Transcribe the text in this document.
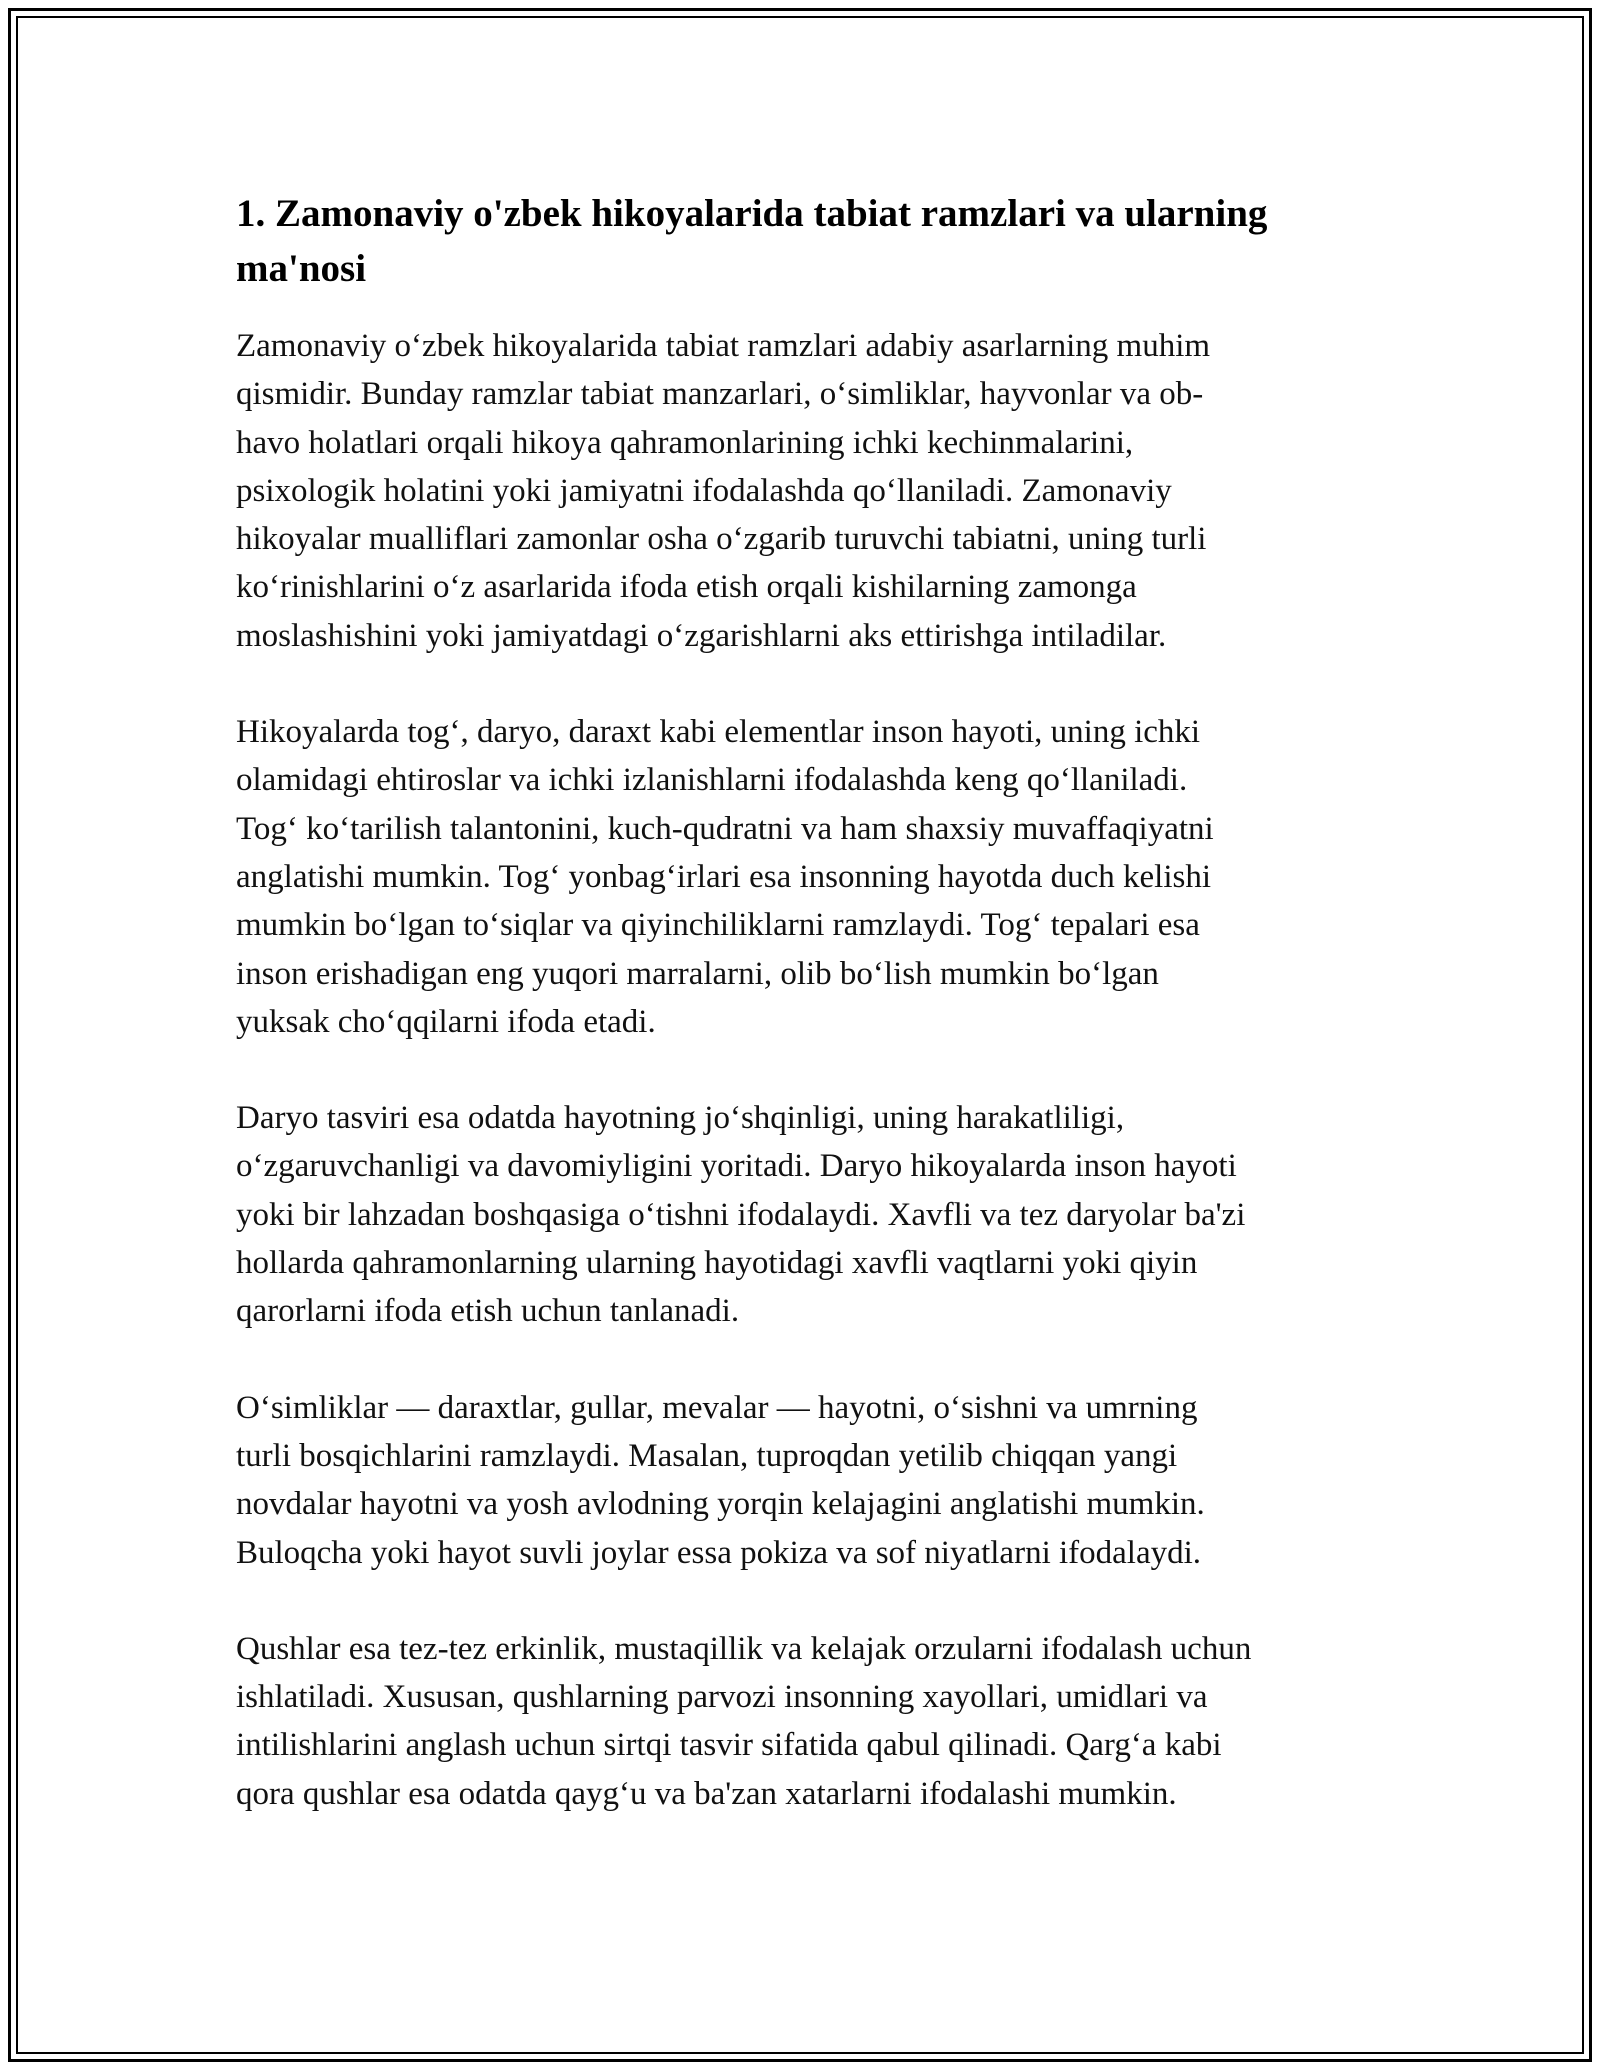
1. Zamonaviy o'zbek hikoyalarida tabiat ramzlari va ularning
ma'nosi

Zamonaviy o‘zbek hikoyalarida tabiat ramzlari adabiy asarlarning muhim
qismidir. Bunday ramzlar tabiat manzarlari, o‘simliklar, hayvonlar va ob-
havo holatlari orqali hikoya qahramonlarining ichki kechinmalarini,
psixologik holatini yoki jamiyatni ifodalashda qo‘llaniladi. Zamonaviy
hikoyalar mualliflari zamonlar osha o‘zgarib turuvchi tabiatni, uning turli
ko‘rinishlarini o‘z asarlarida ifoda etish orqali kishilarning zamonga
moslashishini yoki jamiyatdagi o‘zgarishlarni aks ettirishga intiladilar.

Hikoyalarda tog‘, daryo, daraxt kabi elementlar inson hayoti, uning ichki
olamidagi ehtiroslar va ichki izlanishlarni ifodalashda keng qo‘llaniladi.
Tog‘ ko‘tarilish talantonini, kuch-qudratni va ham shaxsiy muvaffaqiyatni
anglatishi mumkin. Tog‘ yonbag‘irlari esa insonning hayotda duch kelishi
mumkin bo‘lgan to‘siqlar va qiyinchiliklarni ramzlaydi. Tog‘ tepalari esa
inson erishadigan eng yuqori marralarni, olib bo‘lish mumkin bo‘lgan
yuksak cho‘qqilarni ifoda etadi.

Daryo tasviri esa odatda hayotning jo‘shqinligi, uning harakatliligi,
o‘zgaruvchanligi va davomiyligini yoritadi. Daryo hikoyalarda inson hayoti
yoki bir lahzadan boshqasiga o‘tishni ifodalaydi. Xavfli va tez daryolar ba'zi
hollarda qahramonlarning ularning hayotidagi xavfli vaqtlarni yoki qiyin
qarorlarni ifoda etish uchun tanlanadi.

O‘simliklar — daraxtlar, gullar, mevalar — hayotni, o‘sishni va umrning
turli bosqichlarini ramzlaydi. Masalan, tuproqdan yetilib chiqqan yangi
novdalar hayotni va yosh avlodning yorqin kelajagini anglatishi mumkin.
Buloqcha yoki hayot suvli joylar essa pokiza va sof niyatlarni ifodalaydi.

Qushlar esa tez-tez erkinlik, mustaqillik va kelajak orzularni ifodalash uchun
ishlatiladi. Xususan, qushlarning parvozi insonning xayollari, umidlari va
intilishlarini anglash uchun sirtqi tasvir sifatida qabul qilinadi. Qarg‘a kabi
qora qushlar esa odatda qayg‘u va ba'zan xatarlarni ifodalashi mumkin.
